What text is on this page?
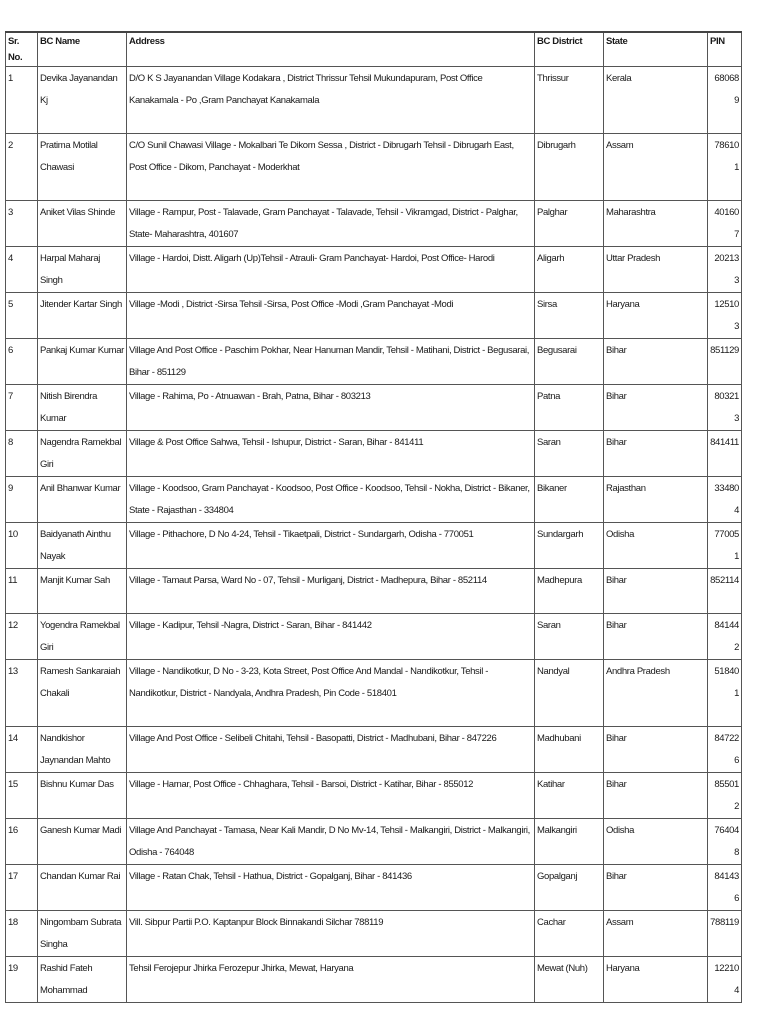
Sr. No.	BC Name	Address	BC District	State	PIN
1	Devika Jayanandan Kj	D/O K S Jayanandan Village Kodakara , District Thrissur Tehsil Mukundapuram, Post Office Kanakamala - Po ,Gram Panchayat Kanakamala	Thrissur	Kerala	680689
2	Pratima Motilal Chawasi	C/O Sunil Chawasi Village - Mokalbari Te Dikom Sessa , District - Dibrugarh Tehsil - Dibrugarh East, Post Office - Dikom, Panchayat - Moderkhat	Dibrugarh	Assam	786101
3	Aniket Vilas Shinde	Village - Rampur, Post - Talavade, Gram Panchayat - Talavade, Tehsil - Vikramgad, District - Palghar, State- Maharashtra, 401607	Palghar	Maharashtra	401607
4	Harpal Maharaj Singh	Village - Hardoi, Distt. Aligarh (Up)Tehsil - Atrauli- Gram Panchayat- Hardoi, Post Office- Harodi	Aligarh	Uttar Pradesh	202133
5	Jitender Kartar Singh	Village -Modi , District -Sirsa Tehsil -Sirsa, Post Office -Modi ,Gram Panchayat -Modi	Sirsa	Haryana	125103
6	Pankaj Kumar Kumar	Village And Post Office - Paschim Pokhar, Near Hanuman Mandir, Tehsil - Matihani, District - Begusarai, Bihar - 851129	Begusarai	Bihar	851129
7	Nitish Birendra Kumar	Village - Rahima, Po - Atnuawan - Brah, Patna, Bihar - 803213	Patna	Bihar	803213
8	Nagendra Ramekbal Giri	Village & Post Office Sahwa, Tehsil - Ishupur, District - Saran, Bihar - 841411	Saran	Bihar	841411
9	Anil Bhanwar Kumar	Village - Koodsoo, Gram Panchayat - Koodsoo, Post Office - Koodsoo, Tehsil - Nokha, District - Bikaner, State - Rajasthan - 334804	Bikaner	Rajasthan	334804
10	Baidyanath Ainthu Nayak	Village - Pithachore, D No 4-24, Tehsil - Tikaetpali, District - Sundargarh, Odisha - 770051	Sundargarh	Odisha	770051
11	Manjit Kumar Sah	Village - Tamaut Parsa, Ward No - 07, Tehsil - Murliganj, District - Madhepura, Bihar - 852114	Madhepura	Bihar	852114
12	Yogendra Ramekbal Giri	Village - Kadipur, Tehsil -Nagra, District - Saran, Bihar - 841442	Saran	Bihar	841442
13	Ramesh Sankaraiah Chakali	Village - Nandikotkur, D No - 3-23, Kota Street, Post Office And Mandal - Nandikotkur, Tehsil - Nandikotkur, District - Nandyala, Andhra Pradesh, Pin Code - 518401	Nandyal	Andhra Pradesh	518401
14	Nandkishor Jaynandan Mahto	Village And Post Office - Selibeli Chitahi, Tehsil - Basopatti, District - Madhubani, Bihar - 847226	Madhubani	Bihar	847226
15	Bishnu Kumar Das	Village - Harnar, Post Office - Chhaghara, Tehsil - Barsoi, District - Katihar, Bihar - 855012	Katihar	Bihar	855012
16	Ganesh Kumar Madi	Village And Panchayat - Tamasa, Near Kali Mandir, D No Mv-14, Tehsil - Malkangiri, District - Malkangiri, Odisha - 764048	Malkangiri	Odisha	764048
17	Chandan Kumar Rai	Village - Ratan Chak, Tehsil - Hathua, District - Gopalganj, Bihar - 841436	Gopalganj	Bihar	841436
18	Ningombam Subrata Singha	Vill. Sibpur Partii P.O. Kaptanpur Block Binnakandi Silchar 788119	Cachar	Assam	788119
19	Rashid Fateh Mohammad	Tehsil Ferojepur Jhirka Ferozepur Jhirka, Mewat, Haryana	Mewat (Nuh)	Haryana	122104
